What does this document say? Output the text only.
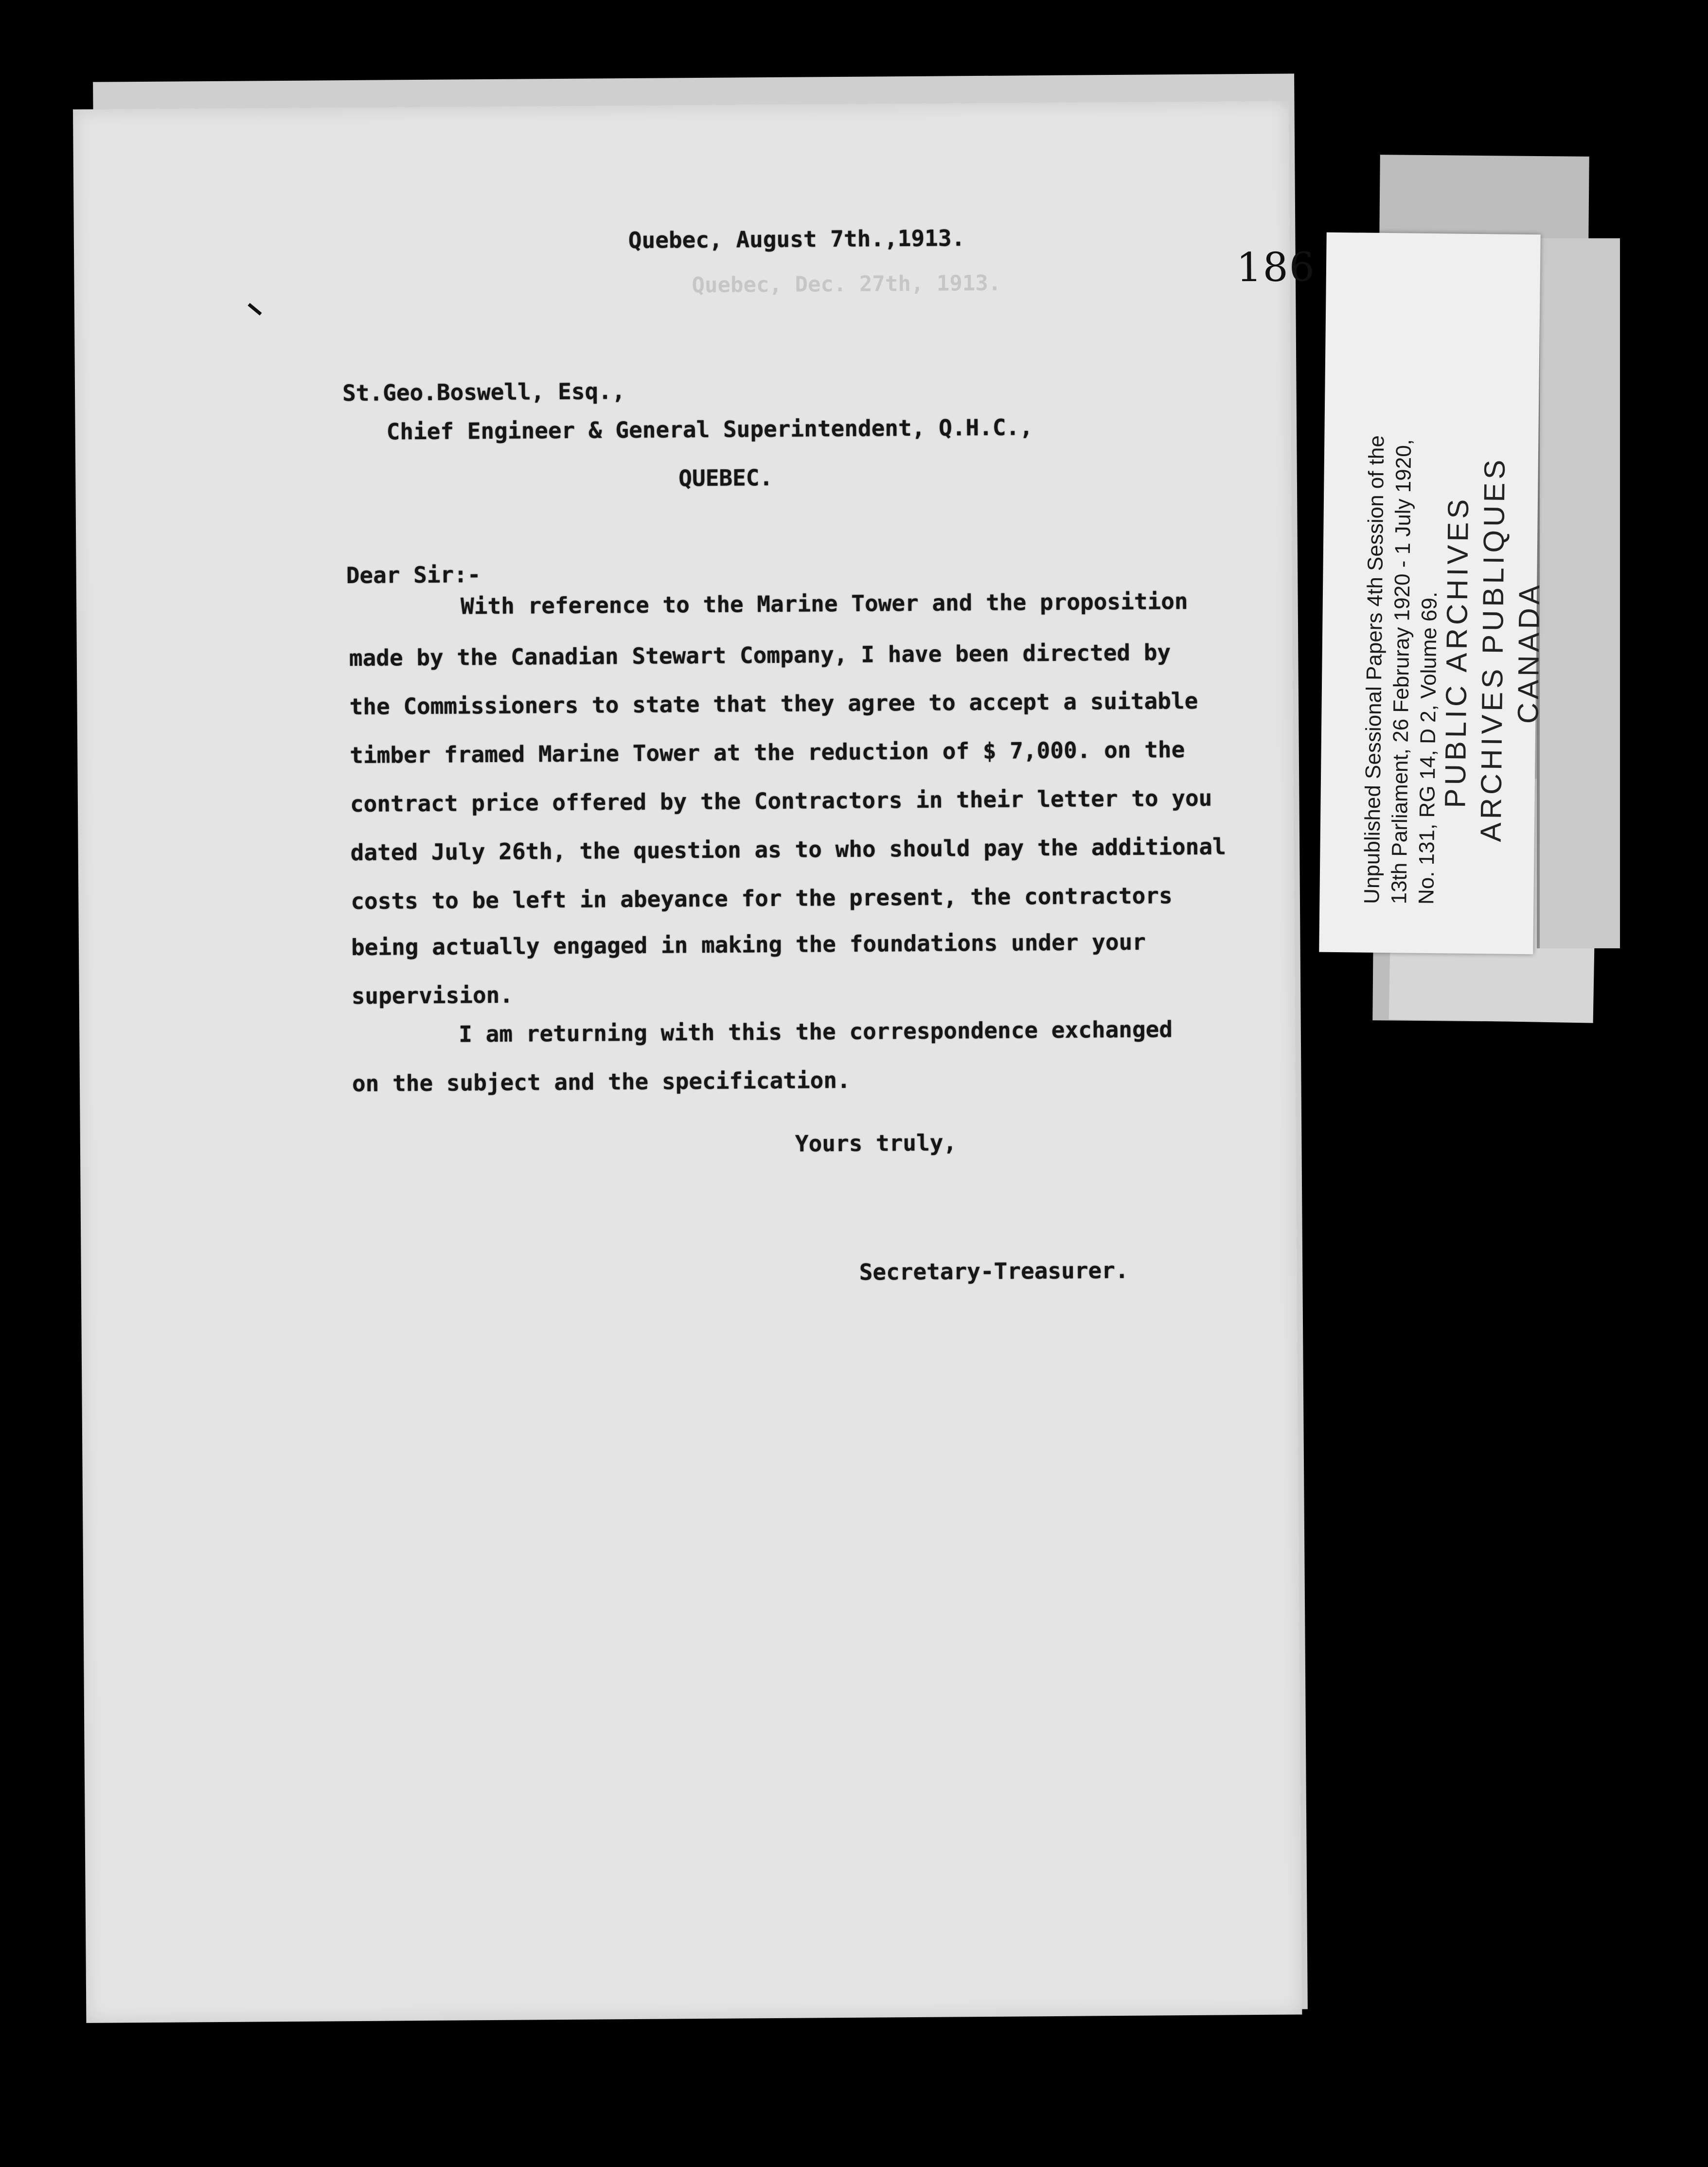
186
Quebec, August 7th.,1913.
Quebec, Dec. 27th, 1913.
St.Geo.Boswell, Esq.,
Chief Engineer & General Superintendent, Q.H.C.,
QUEBEC.
Dear Sir:-
With reference to the Marine Tower and the proposition
made by the Canadian Stewart Company, I have been directed by
the Commissioners to state that they agree to accept a suitable
timber framed Marine Tower at the reduction of $ 7,000. on the
contract price offered by the Contractors in their letter to you
dated July 26th, the question as to who should pay the additional
costs to be left in abeyance for the present, the contractors
being actually engaged in making the foundations under your
supervision.
I am returning with this the correspondence exchanged
on the subject and the specification.
Yours truly,
Secretary-Treasurer.
Unpublished Sessional Papers 4th Session of the
13th Parliament, 26 Februray 1920 - 1 July 1920,
No. 131, RG 14, D 2, Volume 69.
PUBLIC ARCHIVES ARCHIVES PUBLIQUES CANADA
